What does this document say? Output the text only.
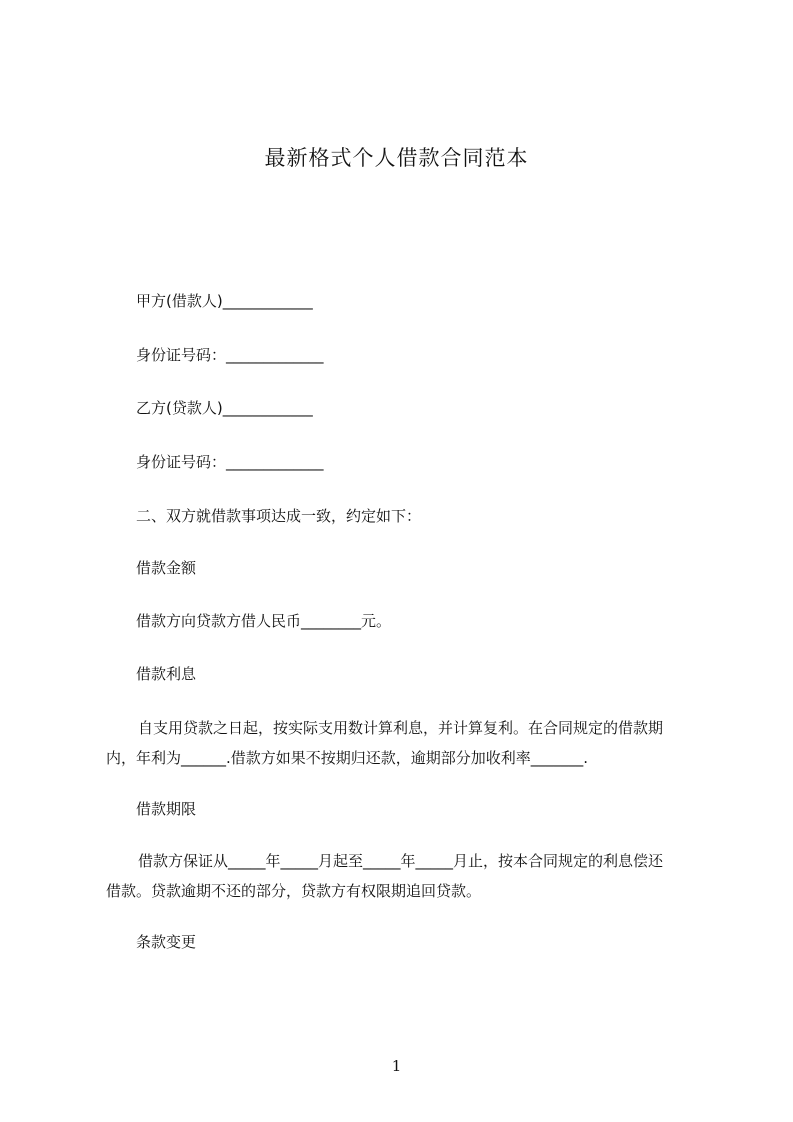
最新格式个人借款合同范本
甲方(借款人)____________
身份证号码：_____________
乙方(贷款人)____________
身份证号码：_____________
二、双方就借款事项达成一致，约定如下：
借款金额
借款方向贷款方借人民币________元。
借款利息
自支用贷款之日起，按实际支用数计算利息，并计算复利。在合同规定的借款期
内，年利为______.借款方如果不按期归还款，逾期部分加收利率_______.
借款期限
借款方保证从_____年_____月起至_____年_____月止，按本合同规定的利息偿还
借款。贷款逾期不还的部分，贷款方有权限期追回贷款。
条款变更
1
